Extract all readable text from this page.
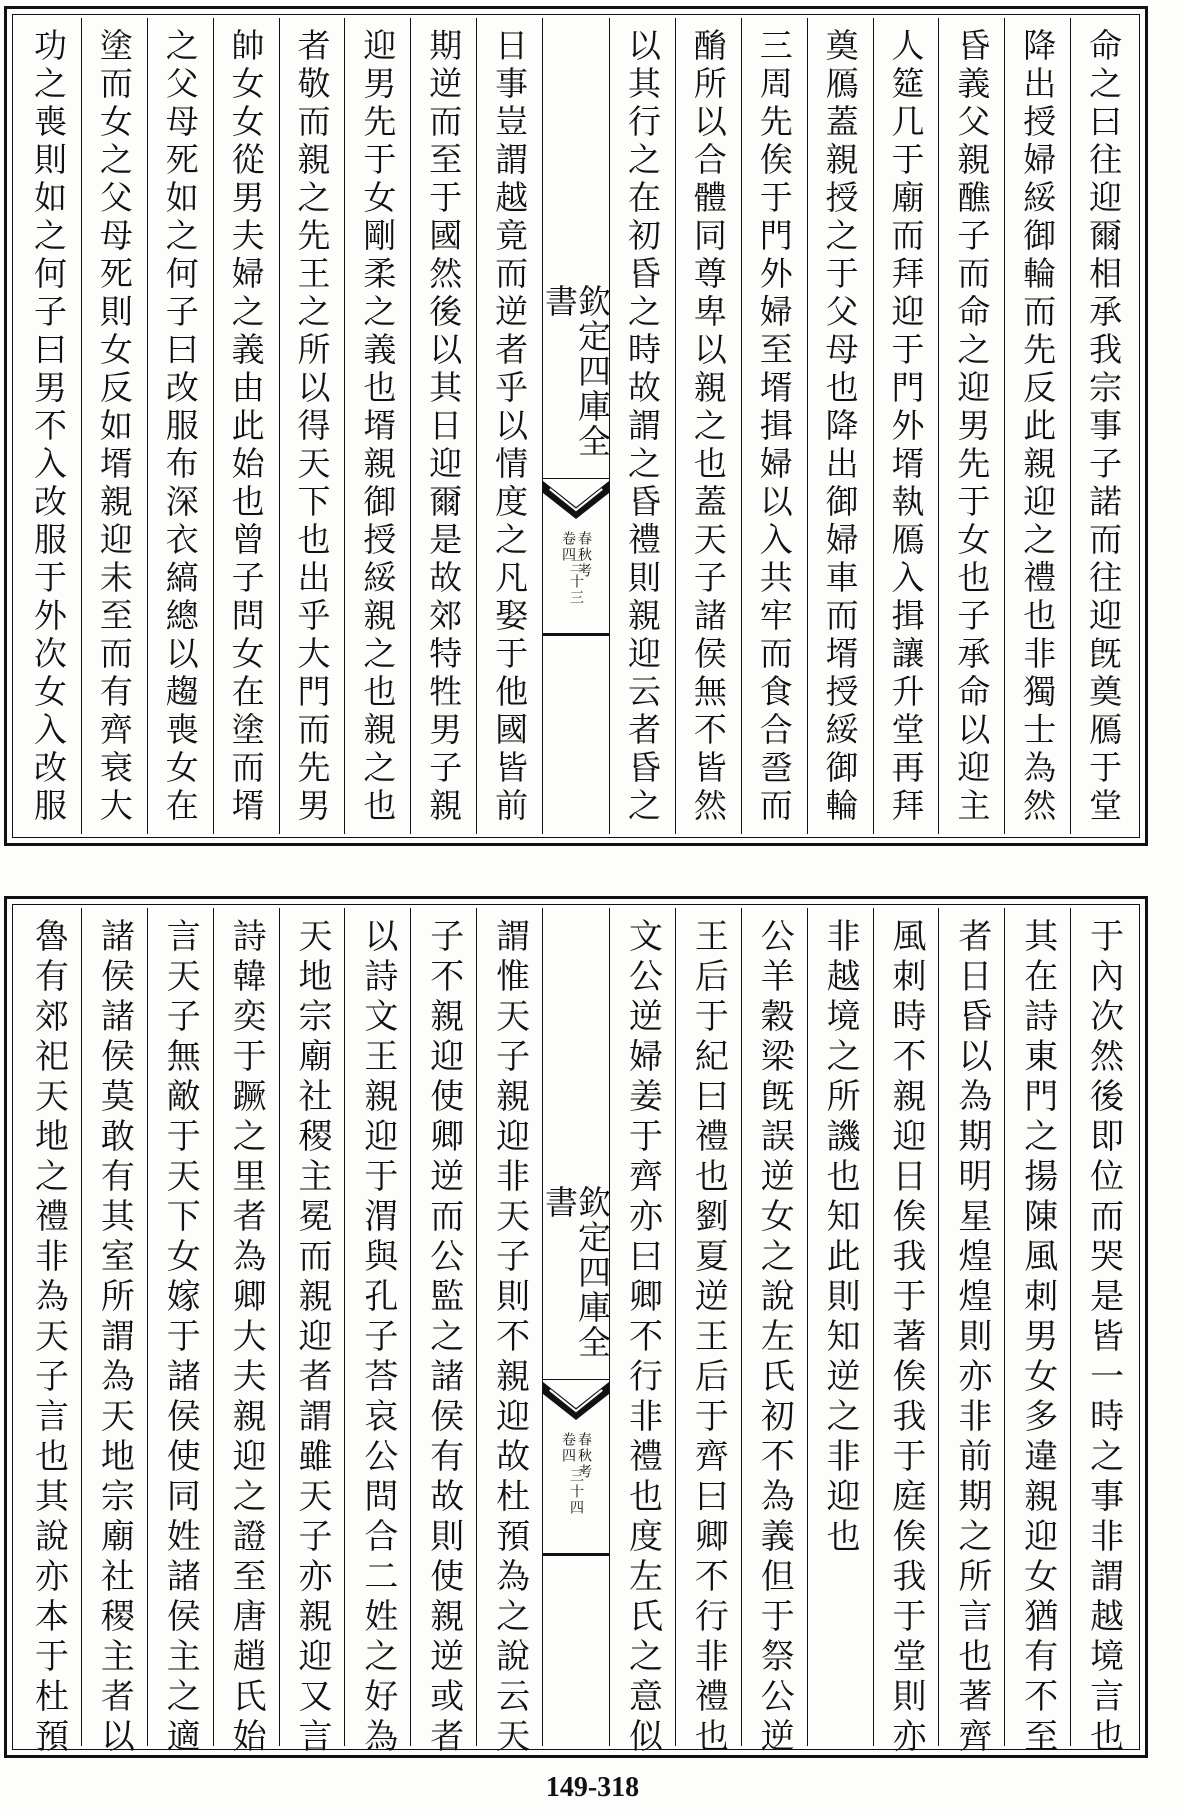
命之曰往迎爾相承我宗事子諾而往迎旣奠鴈于堂
降出授婦綏御輪而先反此親迎之禮也非獨士為然
昏義父親醮子而命之迎男先于女也子承命以迎主
人筵几于廟而拜迎于門外壻執鴈入揖讓升堂再拜
奠鴈蓋親授之于父母也降出御婦車而壻授綏御輪
三周先俟于門外婦至壻揖婦以入共牢而食合巹而
酳所以合體同尊卑以親之也蓋天子諸侯無不皆然
以其行之在初昏之時故謂之昏禮則親迎云者昏之
欽定四庫全書
春秋考
卷四
三十三
日事豈謂越竟而逆者乎以情度之凡娶于他國皆前
期逆而至于國然後以其日迎爾是故郊特牲男子親
迎男先于女剛柔之義也壻親御授綏親之也親之也
者敬而親之先王之所以得天下也出乎大門而先男
帥女女從男夫婦之義由此始也曾子問女在塗而壻
之父母死如之何子曰改服布深衣縞總以趨喪女在
塗而女之父母死則女反如壻親迎未至而有齊衰大
功之喪則如之何子曰男不入改服于外次女入改服
于內次然後即位而哭是皆一時之事非謂越境言也
其在詩東門之揚陳風刺男女多違親迎女猶有不至
者日昏以為期明星煌煌則亦非前期之所言也著齊
風刺時不親迎日俟我于著俟我于庭俟我于堂則亦
非越境之所譏也知此則知逆之非迎也
公羊穀梁旣誤逆女之說左氏初不為義但于祭公逆
王后于紀曰禮也劉夏逆王后于齊曰卿不行非禮也
文公逆婦姜于齊亦曰卿不行非禮也度左氏之意似
欽定四庫全書
春秋考
卷四
三十四
謂惟天子親迎非天子則不親迎故杜預為之說云天
子不親迎使卿逆而公監之諸侯有故則使親逆或者
以詩文王親迎于渭與孔子荅哀公問合二姓之好為
天地宗廟社稷主冕而親迎者謂雖天子亦親迎又言
詩韓奕于蹶之里者為卿大夫親迎之證至唐趙氏始
言天子無敵于天下女嫁于諸侯使同姓諸侯主之適
諸侯諸侯莫敢有其室所謂為天地宗廟社稷主者以
魯有郊祀天地之禮非為天子言也其說亦本于杜預
149-318
